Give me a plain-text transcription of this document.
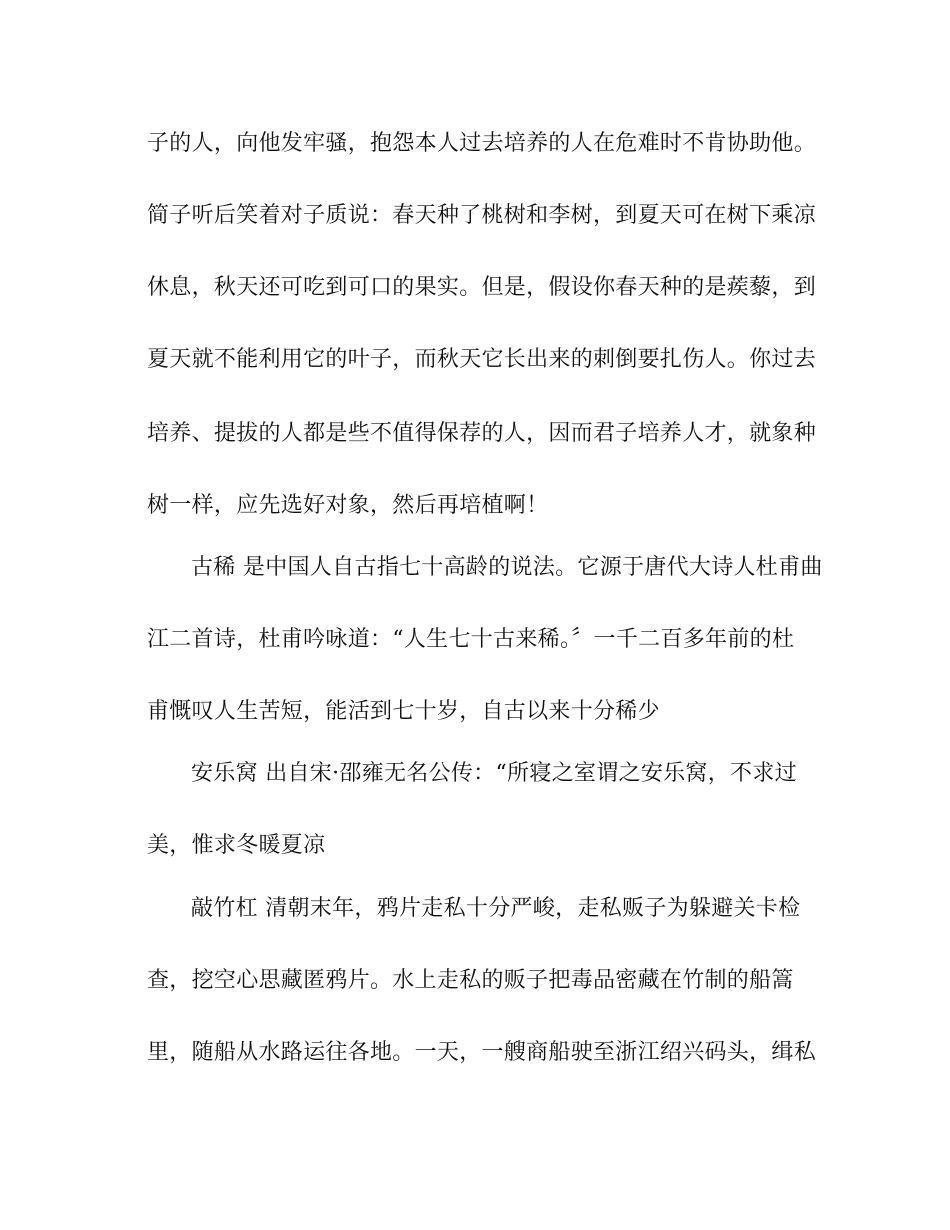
子的人，向他发牢骚，抱怨本人过去培养的人在危难时不肯协助他。
简子听后笑着对子质说：春天种了桃树和李树，到夏天可在树下乘凉
休息，秋天还可吃到可口的果实。但是，假设你春天种的是蒺藜，到
夏天就不能利用它的叶子，而秋天它长出来的刺倒要扎伤人。你过去
培养、提拔的人都是些不值得保荐的人，因而君子培养人才，就象种
树一样，应先选好对象，然后再培植啊！
古稀 是中国人自古指七十高龄的说法。它源于唐代大诗人杜甫曲
江二首诗，杜甫吟咏道：“人生七十古来稀。〞一千二百多年前的杜
甫慨叹人生苦短，能活到七十岁，自古以来十分稀少
安乐窝 出自宋·邵雍无名公传：“所寝之室谓之安乐窝，不求过
美，惟求冬暖夏凉
敲竹杠 清朝末年，鸦片走私十分严峻，走私贩子为躲避关卡检
查，挖空心思藏匿鸦片。水上走私的贩子把毒品密藏在竹制的船篙
里，随船从水路运往各地。一天，一艘商船驶至浙江绍兴码头，缉私
